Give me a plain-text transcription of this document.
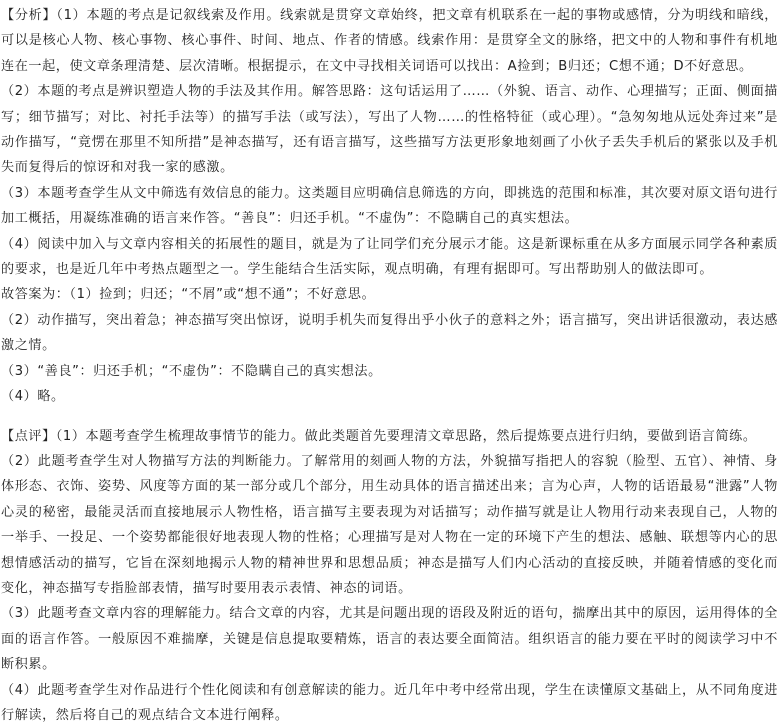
【分析】（1）本题的考点是记叙线索及作用。线索就是贯穿文章始终，把文章有机联系在一起的事物或感情，分为明线和暗线，可以是核心人物、核心事物、核心事件、时间、地点、作者的情感。线索作用：是贯穿全文的脉络，把文中的人物和事件有机地连在一起，使文章条理清楚、层次清晰。根据提示，在文中寻找相关词语可以找出：A捡到；B归还；C想不通；D不好意思。

（2）本题的考点是辨识塑造人物的手法及其作用。解答思路：这句话运用了……（外貌、语言、动作、心理描写；正面、侧面描写；细节描写；对比、衬托手法等）的描写手法（或写法），写出了人物……的性格特征（或心理）。“急匆匆地从远处奔过来”是动作描写，“竟愣在那里不知所措”是神态描写，还有语言描写，这些描写方法更形象地刻画了小伙子丢失手机后的紧张以及手机失而复得后的惊讶和对我一家的感激。

（3）本题考查学生从文中筛选有效信息的能力。这类题目应明确信息筛选的方向，即挑选的范围和标准，其次要对原文语句进行加工概括，用凝练准确的语言来作答。“善良”：归还手机。“不虚伪”：不隐瞒自己的真实想法。

（4）阅读中加入与文章内容相关的拓展性的题目，就是为了让同学们充分展示才能。这是新课标重在从多方面展示同学各种素质的要求，也是近几年中考热点题型之一。学生能结合生活实际，观点明确，有理有据即可。写出帮助别人的做法即可。

故答案为：（1）捡到；归还；“不屑”或“想不通”；不好意思。

（2）动作描写，突出着急；神态描写突出惊讶，说明手机失而复得出乎小伙子的意料之外；语言描写，突出讲话很激动，表达感激之情。

（3）“善良”：归还手机；“不虚伪”：不隐瞒自己的真实想法。

（4）略。

【点评】（1）本题考查学生梳理故事情节的能力。做此类题首先要理清文章思路，然后提炼要点进行归纳，要做到语言简练。

（2）此题考查学生对人物描写方法的判断能力。了解常用的刻画人物的方法，外貌描写指把人的容貌（脸型、五官）、神情、身体形态、衣饰、姿势、风度等方面的某一部分或几个部分，用生动具体的语言描述出来；言为心声，人物的话语最易“泄露”人物心灵的秘密，最能灵活而直接地展示人物性格，语言描写主要表现为对话描写；动作描写就是让人物用行动来表现自己，人物的一举手、一投足、一个姿势都能很好地表现人物的性格；心理描写是对人物在一定的环境下产生的想法、感触、联想等内心的思想情感活动的描写，它旨在深刻地揭示人物的精神世界和思想品质；神态是描写人们内心活动的直接反映，并随着情感的变化而变化，神态描写专指脸部表情，描写时要用表示表情、神态的词语。

（3）此题考查文章内容的理解能力。结合文章的内容，尤其是问题出现的语段及附近的语句，揣摩出其中的原因，运用得体的全面的语言作答。一般原因不难揣摩，关键是信息提取要精炼，语言的表达要全面简洁。组织语言的能力要在平时的阅读学习中不断积累。

（4）此题考查学生对作品进行个性化阅读和有创意解读的能力。近几年中考中经常出现，学生在读懂原文基础上，从不同角度进行解读，然后将自己的观点结合文本进行阐释。
